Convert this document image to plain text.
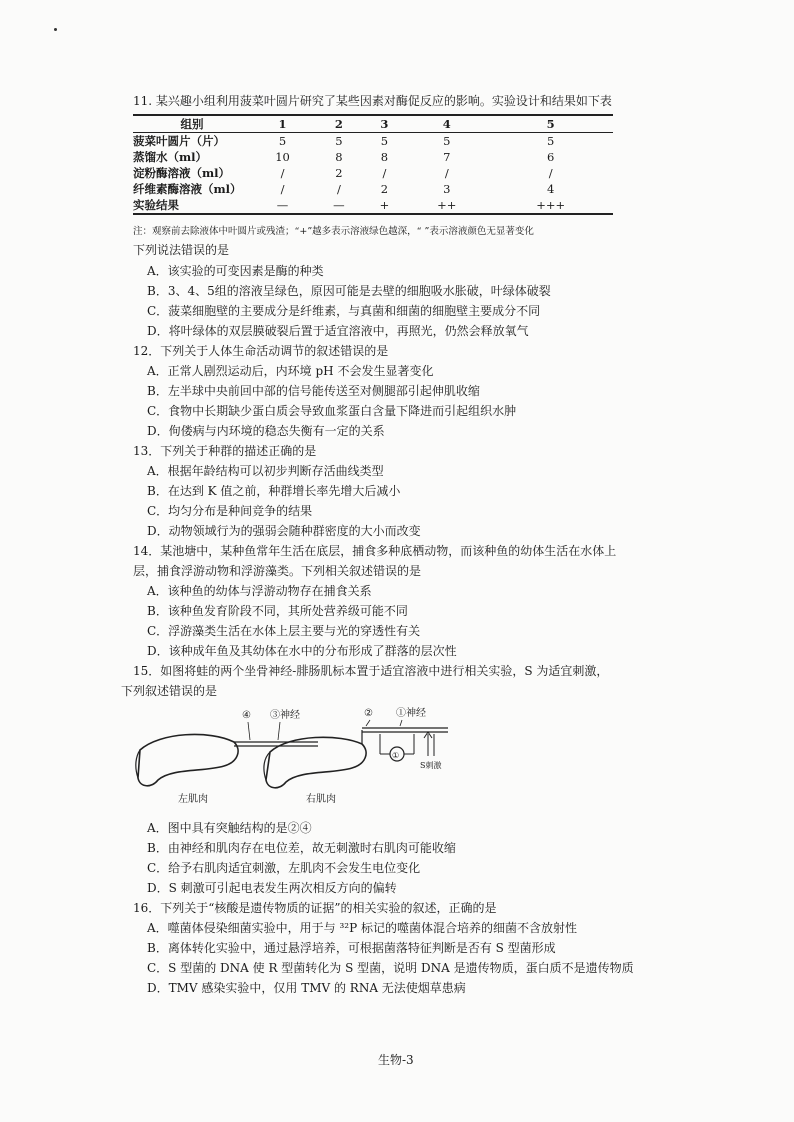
11. 某兴趣小组利用菠菜叶圆片研究了某些因素对酶促反应的影响。实验设计和结果如下表
组别	1	2	3	4	5
菠菜叶圆片（片）	5	5	5	5	5
蒸馏水（ml）	10	8	8	7	6
淀粉酶溶液（ml）	/	2	/	/	/
纤维素酶溶液（ml）	/	/	2	3	4
实验结果	—	—	+	++	+++
注：观察前去除液体中叶圆片或残渣；“+”越多表示溶液绿色越深，“ ”表示溶液颜色无显著变化
下列说法错误的是
A．该实验的可变因素是酶的种类
B．3、4、5组的溶液呈绿色，原因可能是去壁的细胞吸水胀破，叶绿体破裂
C．菠菜细胞壁的主要成分是纤维素，与真菌和细菌的细胞壁主要成分不同
D．将叶绿体的双层膜破裂后置于适宜溶液中，再照光，仍然会释放氧气
12．下列关于人体生命活动调节的叙述错误的是
A．正常人剧烈运动后，内环境 pH 不会发生显著变化
B．左半球中央前回中部的信号能传送至对侧腿部引起伸肌收缩
C．食物中长期缺少蛋白质会导致血浆蛋白含量下降进而引起组织水肿
D．佝偻病与内环境的稳态失衡有一定的关系
13．下列关于种群的描述正确的是
A．根据年龄结构可以初步判断存活曲线类型
B．在达到 K 值之前，种群增长率先增大后减小
C．均匀分布是种间竞争的结果
D．动物领域行为的强弱会随种群密度的大小而改变
14．某池塘中，某种鱼常年生活在底层，捕食多种底栖动物，而该种鱼的幼体生活在水体上
层，捕食浮游动物和浮游藻类。下列相关叙述错误的是
A．该种鱼的幼体与浮游动物存在捕食关系
B．该种鱼发育阶段不同，其所处营养级可能不同
C．浮游藻类生活在水体上层主要与光的穿透性有关
D．该种成年鱼及其幼体在水中的分布形成了群落的层次性
15．如图将蛙的两个坐骨神经-腓肠肌标本置于适宜溶液中进行相关实验，S 为适宜刺激，
下列叙述错误的是
④ ③神经	② ①神经
①
S刺激
左肌肉	右肌肉
A．图中具有突触结构的是②④
B．由神经和肌肉存在电位差，故无刺激时右肌肉可能收缩
C．给予右肌肉适宜刺激，左肌肉不会发生电位变化
D．S 刺激可引起电表发生两次相反方向的偏转
16．下列关于“核酸是遗传物质的证据”的相关实验的叙述，正确的是
A．噬菌体侵染细菌实验中，用于与 ³²P 标记的噬菌体混合培养的细菌不含放射性
B．离体转化实验中，通过悬浮培养，可根据菌落特征判断是否有 S 型菌形成
C．S 型菌的 DNA 使 R 型菌转化为 S 型菌，说明 DNA 是遗传物质，蛋白质不是遗传物质
D．TMV 感染实验中，仅用 TMV 的 RNA 无法使烟草患病
生物-3
